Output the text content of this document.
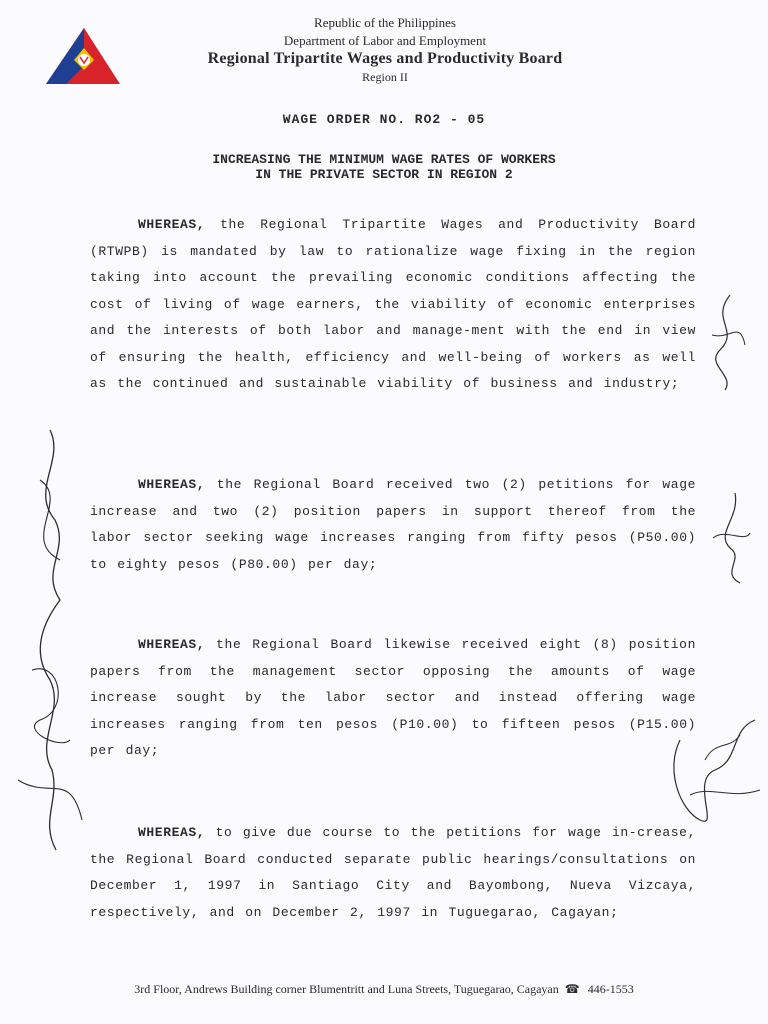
Republic of the Philippines
Department of Labor and Employment
Regional Tripartite Wages and Productivity Board
Region II
WAGE ORDER NO. RO2 - 05
INCREASING THE MINIMUM WAGE RATES OF WORKERS
IN THE PRIVATE SECTOR IN REGION 2
WHEREAS, the Regional Tripartite Wages and Productivity Board (RTWPB) is mandated by law to rationalize wage fixing in the region taking into account the prevailing economic conditions affecting the cost of living of wage earners, the viability of economic enterprises and the interests of both labor and manage-ment with the end in view of ensuring the health, efficiency and well-being of workers as well as the continued and sustainable viability of business and industry;
WHEREAS, the Regional Board received two (2) petitions for wage increase and two (2) position papers in support thereof from the labor sector seeking wage increases ranging from fifty pesos (P50.00) to eighty pesos (P80.00) per day;
WHEREAS, the Regional Board likewise received eight (8) position papers from the management sector opposing the amounts of wage increase sought by the labor sector and instead offering wage increases ranging from ten pesos (P10.00) to fifteen pesos (P15.00) per day;
WHEREAS, to give due course to the petitions for wage in-crease, the Regional Board conducted separate public hearings/consultations on December 1, 1997 in Santiago City and Bayombong, Nueva Vizcaya, respectively, and on December 2, 1997 in Tuguegarao, Cagayan;
3rd Floor, Andrews Building corner Blumentritt and Luna Streets, Tuguegarao, Cagayan ☎ 446-1553
